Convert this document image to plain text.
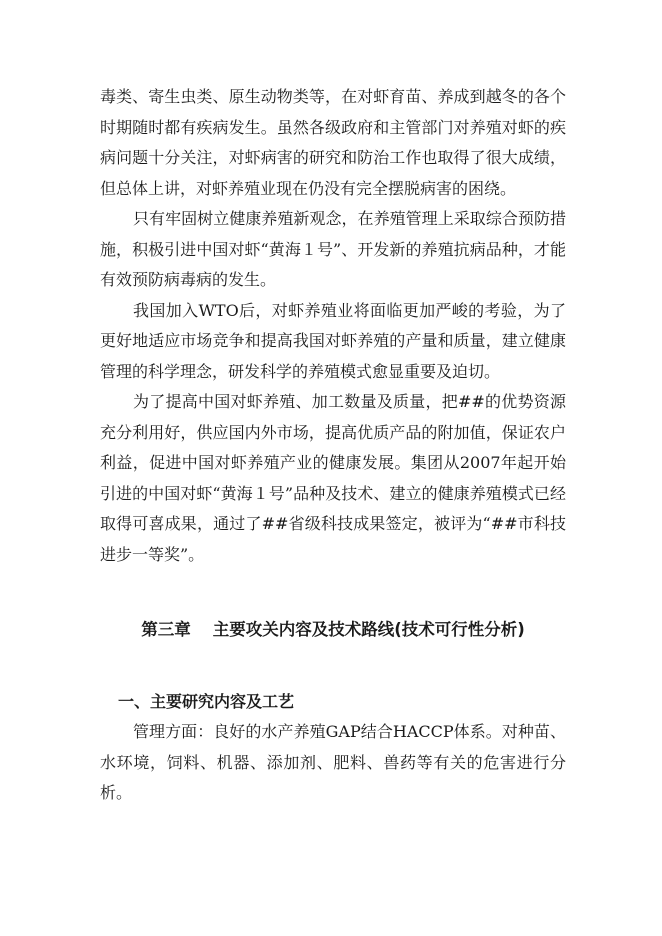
毒类、寄生虫类、原生动物类等，在对虾育苗、养成到越冬的各个时期随时都有疾病发生。虽然各级政府和主管部门对养殖对虾的疾病问题十分关注，对虾病害的研究和防治工作也取得了很大成绩，但总体上讲，对虾养殖业现在仍没有完全摆脱病害的困绕。

只有牢固树立健康养殖新观念，在养殖管理上采取综合预防措施，积极引进中国对虾“黄海１号”、开发新的养殖抗病品种，才能有效预防病毒病的发生。

我国加入WTO后，对虾养殖业将面临更加严峻的考验，为了更好地适应市场竞争和提高我国对虾养殖的产量和质量，建立健康管理的科学理念，研发科学的养殖模式愈显重要及迫切。

为了提高中国对虾养殖、加工数量及质量，把##的优势资源充分利用好，供应国内外市场，提高优质产品的附加值，保证农户利益，促进中国对虾养殖产业的健康发展。集团从2007年起开始引进的中国对虾“黄海１号”品种及技术、建立的健康养殖模式已经取得可喜成果，通过了##省级科技成果签定，被评为“##市科技进步一等奖”。

第三章 主要攻关内容及技术路线(技术可行性分析)
一、主要研究内容及工艺

管理方面：良好的水产养殖GAP结合HACCP体系。对种苗、水环境，饲料、机器、添加剂、肥料、兽药等有关的危害进行分析。
